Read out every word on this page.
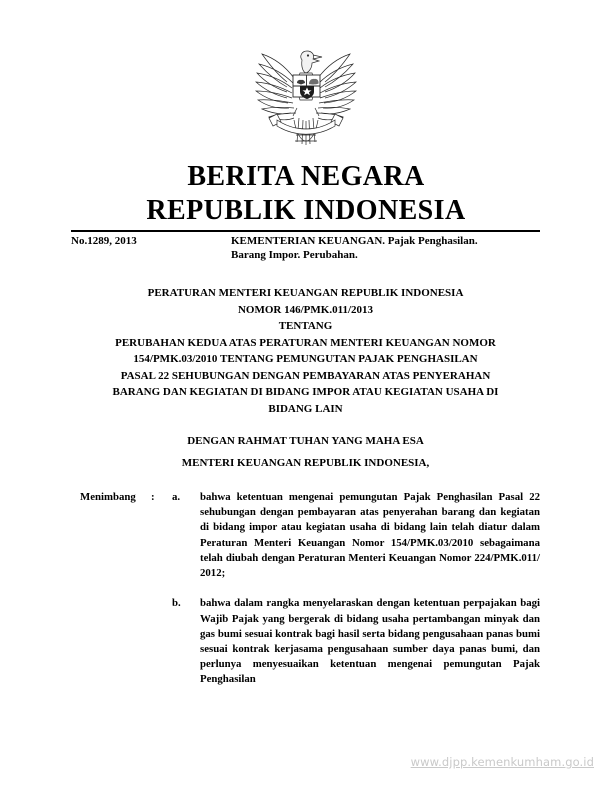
BERITA NEGARA
REPUBLIK INDONESIA
No.1289, 2013	KEMENTERIAN KEUANGAN. Pajak Penghasilan.
Barang Impor. Perubahan.
PERATURAN MENTERI KEUANGAN REPUBLIK INDONESIA
NOMOR 146/PMK.011/2013
TENTANG
PERUBAHAN KEDUA ATAS PERATURAN MENTERI KEUANGAN NOMOR
154/PMK.03/2010 TENTANG PEMUNGUTAN PAJAK PENGHASILAN
PASAL 22 SEHUBUNGAN DENGAN PEMBAYARAN ATAS PENYERAHAN
BARANG DAN KEGIATAN DI BIDANG IMPOR ATAU KEGIATAN USAHA DI
BIDANG LAIN
DENGAN RAHMAT TUHAN YANG MAHA ESA
MENTERI KEUANGAN REPUBLIK INDONESIA,
Menimbang	: a.	bahwa ketentuan mengenai pemungutan Pajak Penghasilan Pasal 22 sehubungan dengan pembayaran atas penyerahan barang dan kegiatan di bidang impor atau kegiatan usaha di bidang lain telah diatur dalam Peraturan Menteri Keuangan Nomor 154/PMK.03/2010 sebagaimana telah diubah dengan Peraturan Menteri Keuangan Nomor 224/PMK.011/ 2012;
b.	bahwa dalam rangka menyelaraskan dengan ketentuan perpajakan bagi Wajib Pajak yang bergerak di bidang usaha pertambangan minyak dan gas bumi sesuai kontrak bagi hasil serta bidang pengusahaan panas bumi sesuai kontrak kerjasama pengusahaan sumber daya panas bumi, dan perlunya menyesuaikan ketentuan mengenai pemungutan Pajak Penghasilan
www.djpp.kemenkumham.go.id
